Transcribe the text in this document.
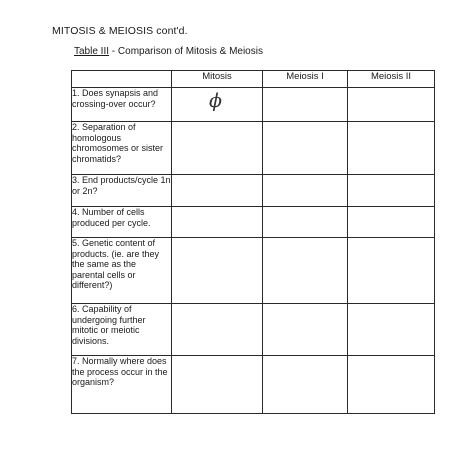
MITOSIS & MEIOSIS cont'd.
Table III - Comparison of Mitosis & Meiosis
	Mitosis	Meiosis I	Meiosis II
1. Does synapsis and crossing-over occur?	ϕ		

2. Separation of homologous chromosomes or sister chromatids?			
3. End products/cycle 1n or 2n?			
4. Number of cells produced per cycle.			
5. Genetic content of products. (ie. are they the same as the parental cells or different?)			
6. Capability of undergoing further mitotic or meiotic divisions.			
7. Normally where does the process occur in the organism?			
